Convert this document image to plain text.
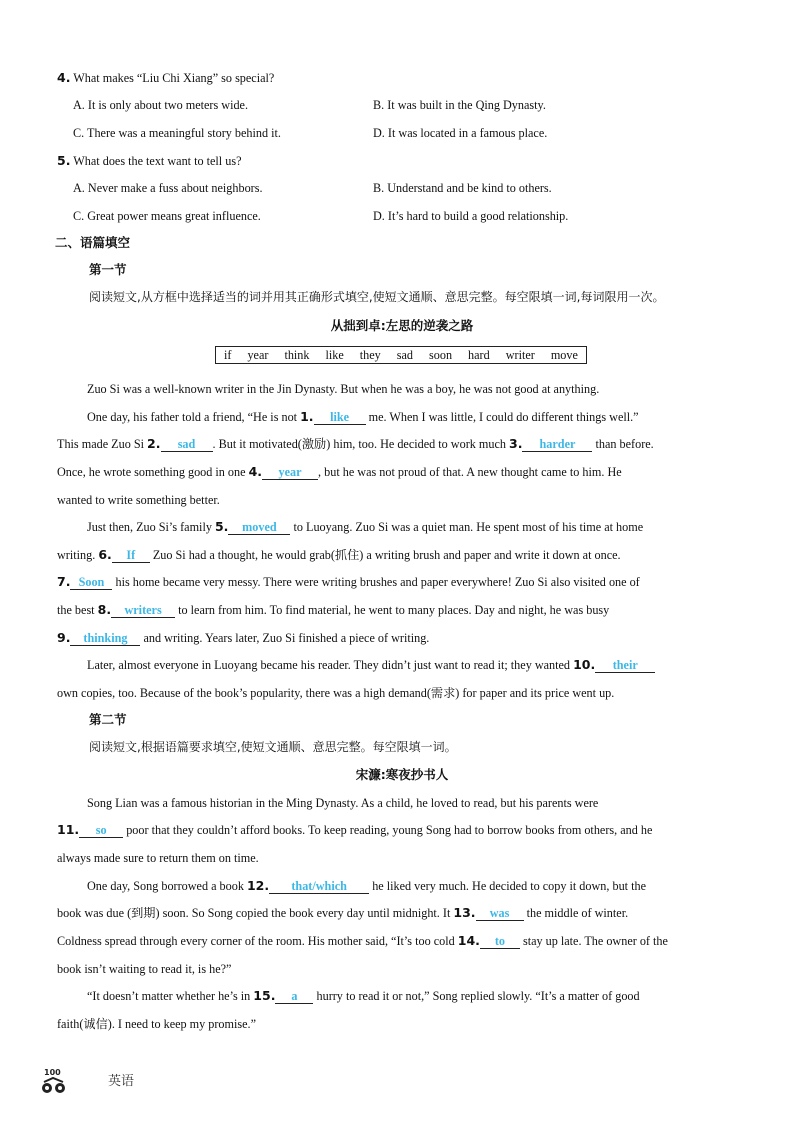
4. What makes “Liu Chi Xiang” so special?
A. It is only about two meters wide.	B. It was built in the Qing Dynasty.
C. There was a meaningful story behind it.	D. It was located in a famous place.
5. What does the text want to tell us?
A. Never make a fuss about neighbors.	B. Understand and be kind to others.
C. Great power means great influence.	D. It’s hard to build a good relationship.
二、语篇填空
第一节
阅读短文,从方框中选择适当的词并用其正确形式填空,使短文通顺、意思完整。每空限填一词,每词限用一次。
从拙到卓:左思的逆袭之路
if year think like they sad soon hard writer move
Zuo Si was a well-known writer in the Jin Dynasty. But when he was a boy, he was not good at anything.
One day, his father told a friend, “He is not 1. like me. When I was little, I could do different things well.”
This made Zuo Si 2. sad . But it motivated(激励) him, too. He decided to work much 3. harder than before.
Once, he wrote something good in one 4. year , but he was not proud of that. A new thought came to him. He
wanted to write something better.
Just then, Zuo Si’s family 5. moved to Luoyang. Zuo Si was a quiet man. He spent most of his time at home
writing. 6. If Zuo Si had a thought, he would grab(抓住) a writing brush and paper and write it down at once.
7. Soon his home became very messy. There were writing brushes and paper everywhere! Zuo Si also visited one of
the best 8. writers to learn from him. To find material, he went to many places. Day and night, he was busy
9. thinking and writing. Years later, Zuo Si finished a piece of writing.
Later, almost everyone in Luoyang became his reader. They didn’t just want to read it; they wanted 10. their
own copies, too. Because of the book’s popularity, there was a high demand(需求) for paper and its price went up.
第二节
阅读短文,根据语篇要求填空,使短文通顺、意思完整。每空限填一词。
宋濂:寒夜抄书人
Song Lian was a famous historian in the Ming Dynasty. As a child, he loved to read, but his parents were
11. so poor that they couldn’t afford books. To keep reading, young Song had to borrow books from others, and he
always made sure to return them on time.
One day, Song borrowed a book 12. that/which he liked very much. He decided to copy it down, but the
book was due (到期) soon. So Song copied the book every day until midnight. It 13. was the middle of winter.
Coldness spread through every corner of the room. His mother said, “It’s too cold 14. to stay up late. The owner of the
book isn’t waiting to read it, is he?”
“It doesn’t matter whether he’s in 15. a hurry to read it or not,” Song replied slowly. “It’s a matter of good
faith(诚信). I need to keep my promise.”
100
英语
